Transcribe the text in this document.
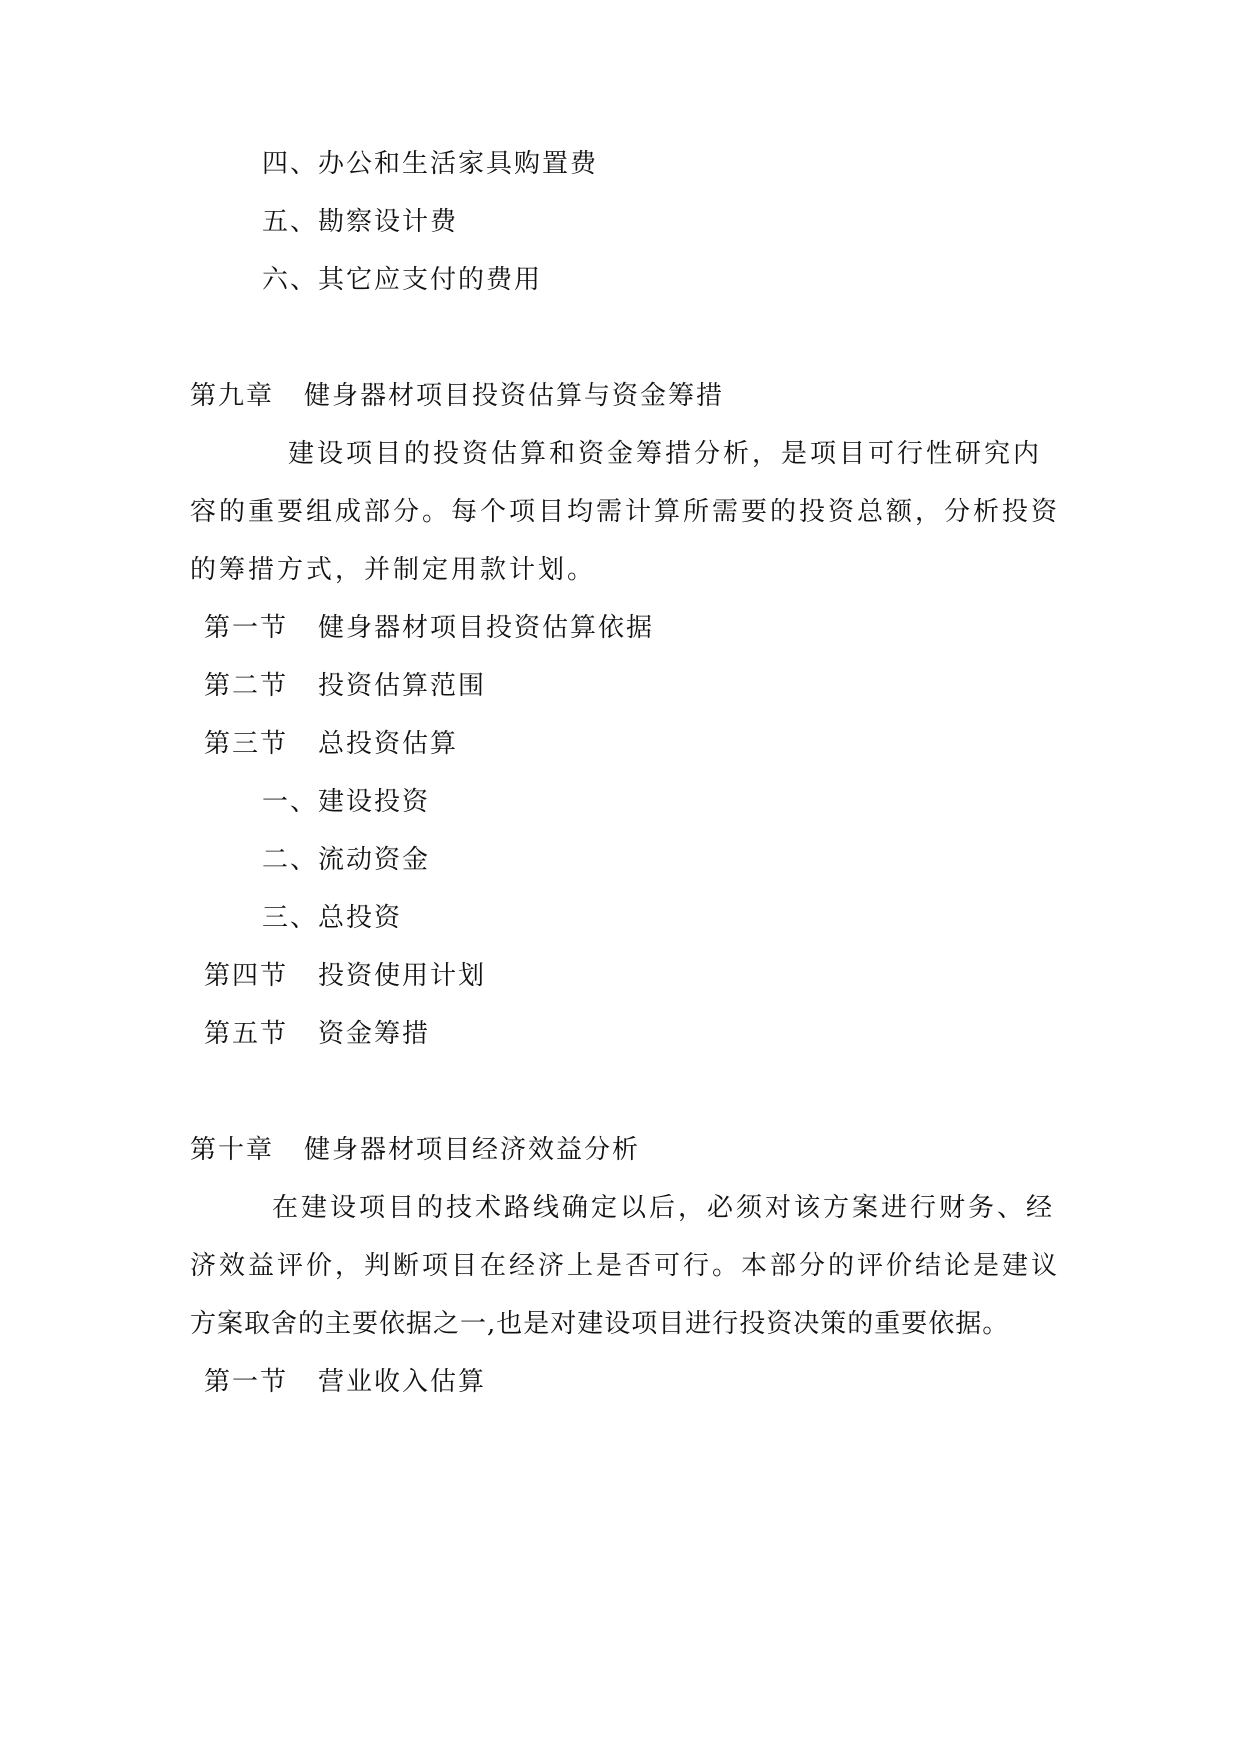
四、办公和生活家具购置费
五、勘察设计费
六、其它应支付的费用
第九章 健身器材项目投资估算与资金筹措
建设项目的投资估算和资金筹措分析，是项目可行性研究内
容的重要组成部分。每个项目均需计算所需要的投资总额，分析投资
的筹措方式，并制定用款计划。
第一节 健身器材项目投资估算依据
第二节 投资估算范围
第三节 总投资估算
一、建设投资
二、流动资金
三、总投资
第四节 投资使用计划
第五节 资金筹措
第十章 健身器材项目经济效益分析
在建设项目的技术路线确定以后，必须对该方案进行财务、经
济效益评价，判断项目在经济上是否可行。本部分的评价结论是建议
方案取舍的主要依据之一,也是对建设项目进行投资决策的重要依据。
第一节 营业收入估算
